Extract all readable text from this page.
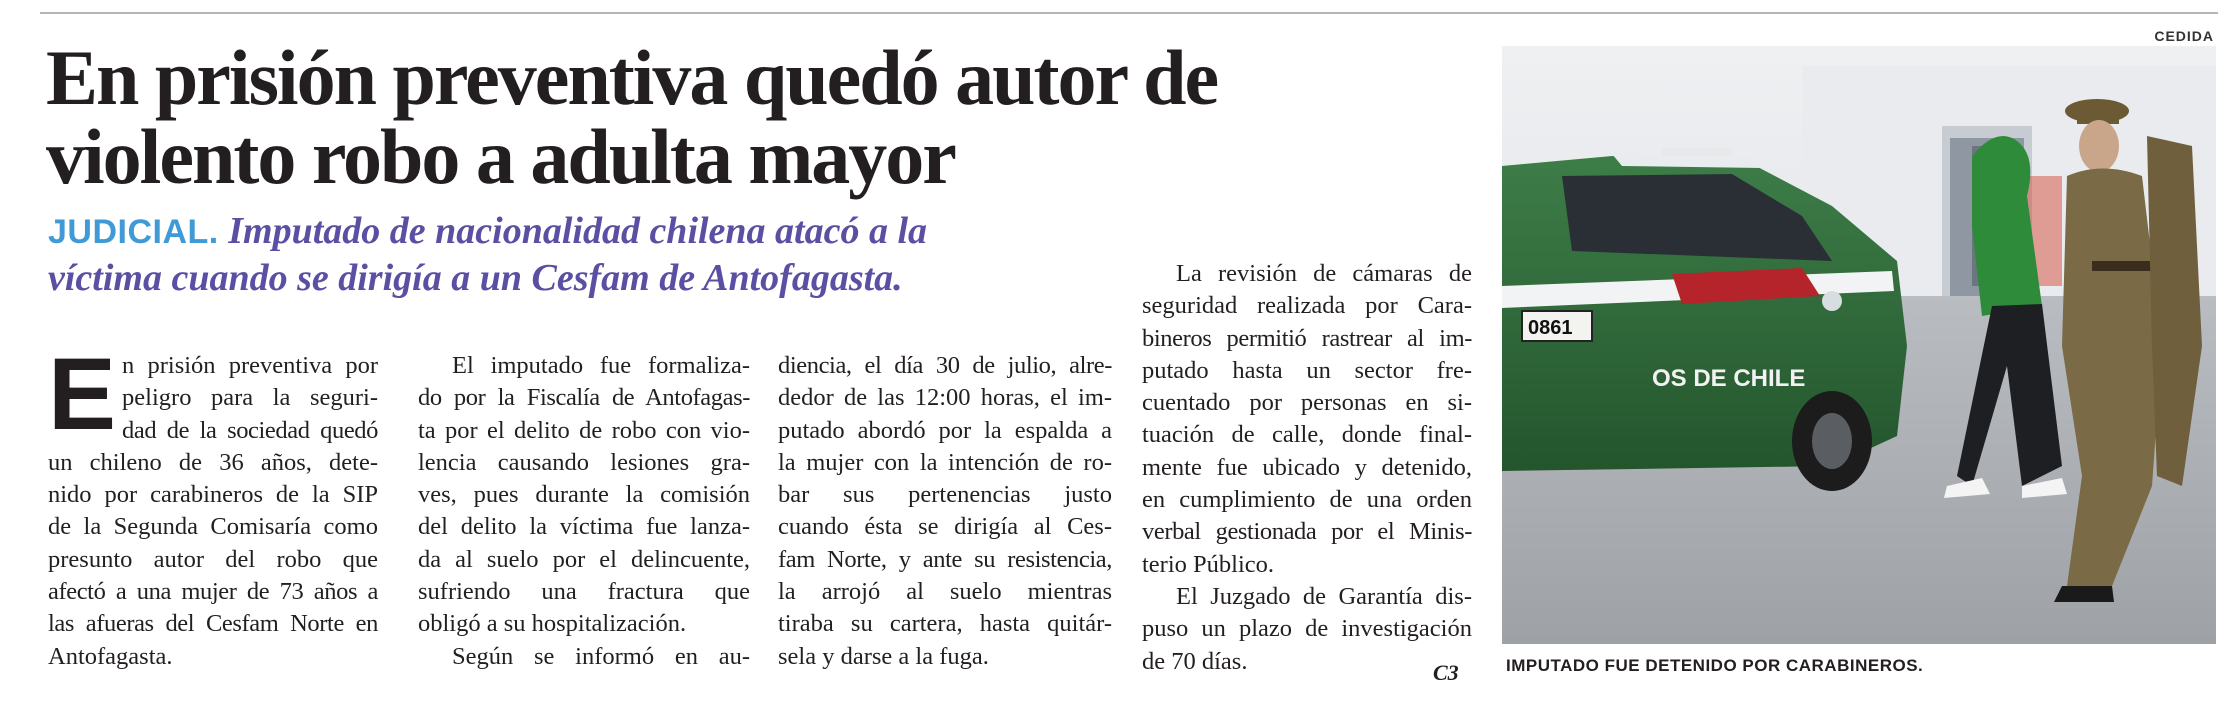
En prisión preventiva quedó autor de
violento robo a adulta mayor
JUDICIAL. Imputado de nacionalidad chilena atacó a la
víctima cuando se dirigía a un Cesfam de Antofagasta.
E n prisión preventiva por
peligro para la seguri-
dad de la sociedad quedó
un chileno de 36 años, dete-
nido por carabineros de la SIP
de la Segunda Comisaría como
presunto autor del robo que
afectó a una mujer de 73 años a
las afueras del Cesfam Norte en
Antofagasta.
El imputado fue formaliza-
do por la Fiscalía de Antofagas-
ta por el delito de robo con vio-
lencia causando lesiones gra-
ves, pues durante la comisión
del delito la víctima fue lanza-
da al suelo por el delincuente,
sufriendo una fractura que
obligó a su hospitalización.
Según se informó en au-
diencia, el día 30 de julio, alre-
dedor de las 12:00 horas, el im-
putado abordó por la espalda a
la mujer con la intención de ro-
bar sus pertenencias justo
cuando ésta se dirigía al Ces-
fam Norte, y ante su resistencia,
la arrojó al suelo mientras
tiraba su cartera, hasta quitár-
sela y darse a la fuga.
La revisión de cámaras de
seguridad realizada por Cara-
bineros permitió rastrear al im-
putado hasta un sector fre-
cuentado por personas en si-
tuación de calle, donde final-
mente fue ubicado y detenido,
en cumplimiento de una orden
verbal gestionada por el Minis-
terio Público.
El Juzgado de Garantía dis-
puso un plazo de investigación
de 70 días.	C3
CEDIDA
0861
OS DE CHILE
IMPUTADO FUE DETENIDO POR CARABINEROS.
